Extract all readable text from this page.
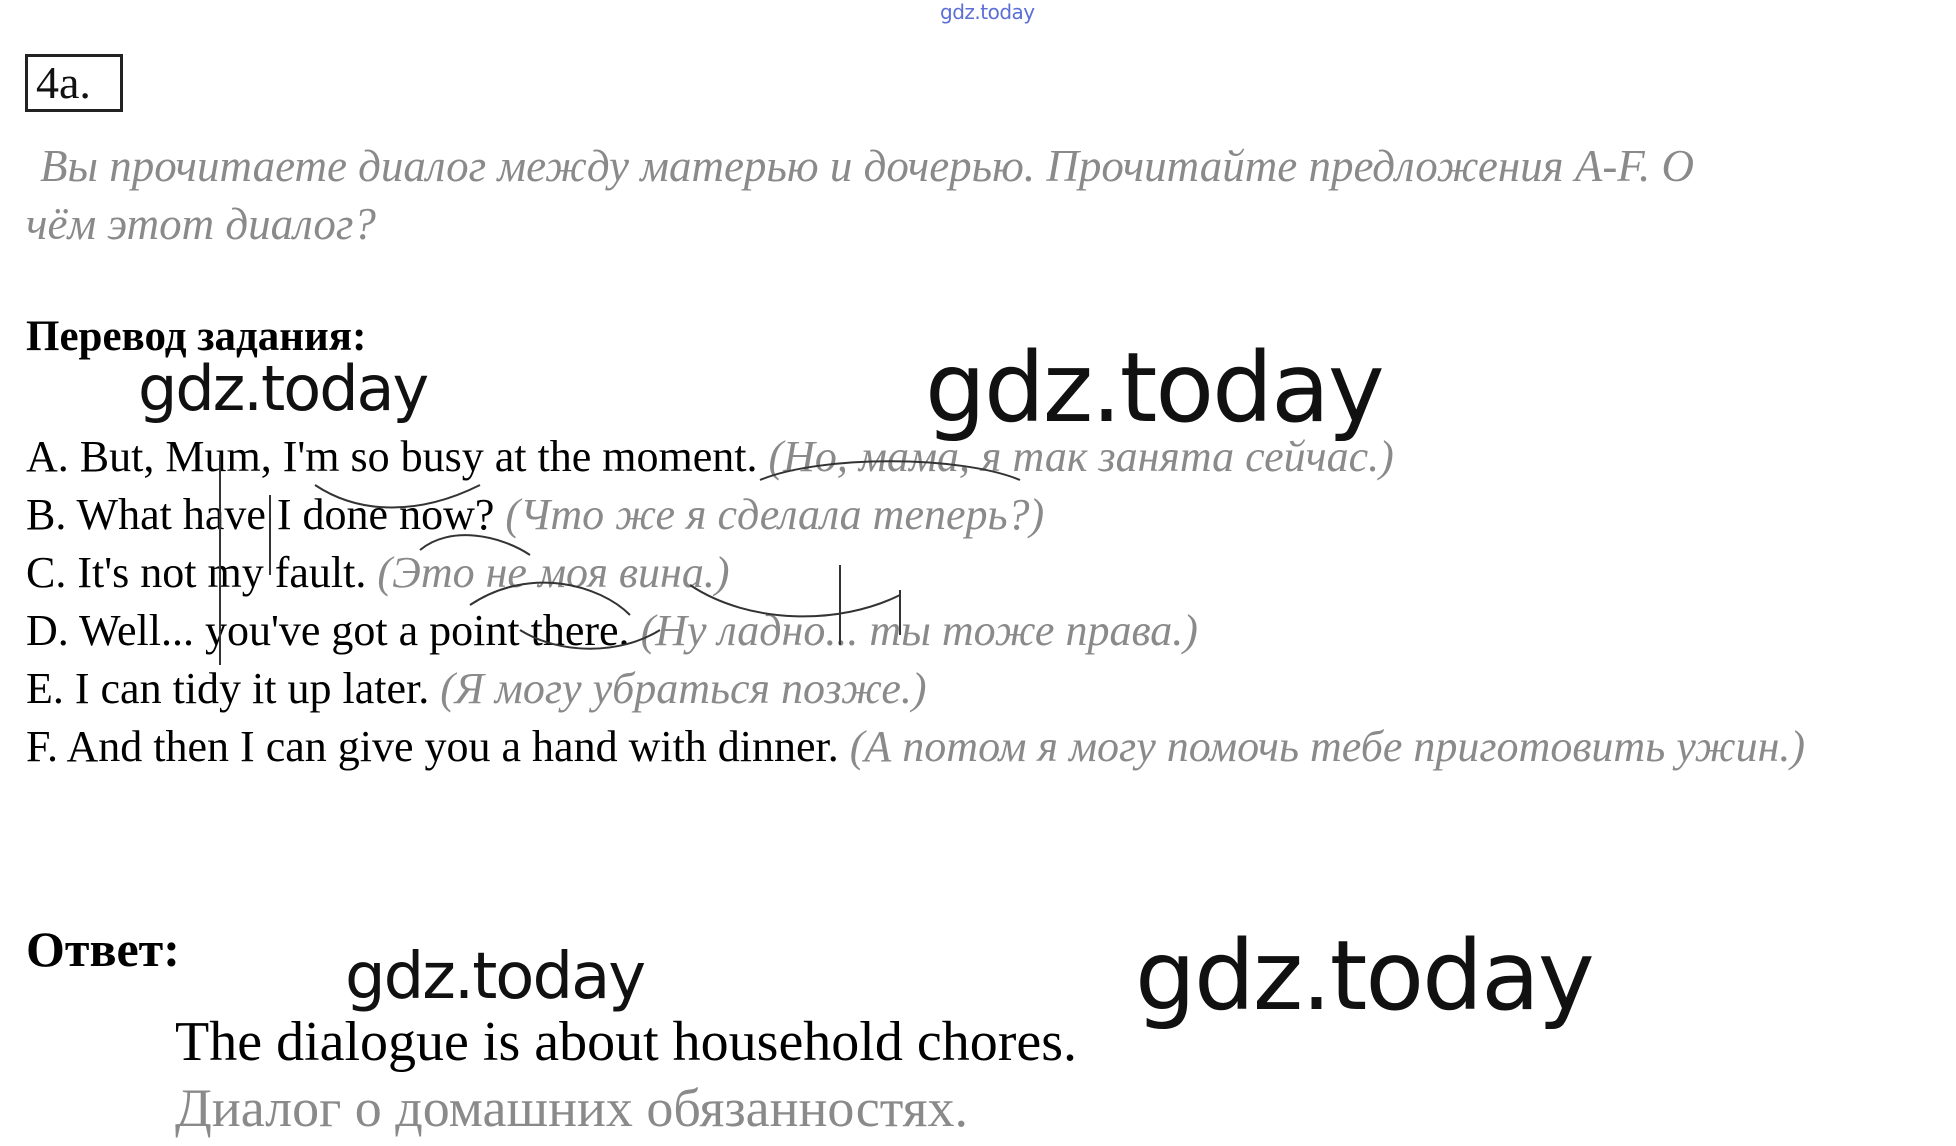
gdz.today
4a.
Вы прочитаете диалог между матерью и дочерью. Прочитайте предложения A-F. О
чём этот диалог?
Перевод задания:
A. But, Mum, I'm so busy at the moment. (Но, мама, я так занята сейчас.)
B. What have I done now? (Что же я сделала теперь?)
C. It's not my fault. (Это не моя вина.)
D. Well... you've got a point there. (Ну ладно... ты тоже права.)
E. I can tidy it up later. (Я могу убраться позже.)
F. And then I can give you a hand with dinner. (А потом я могу помочь тебе приготовить ужин.)
Ответ:
The dialogue is about household chores.
Диалог о домашних обязанностях.
gdz.today	gdz.today
gdz.today	gdz.today
